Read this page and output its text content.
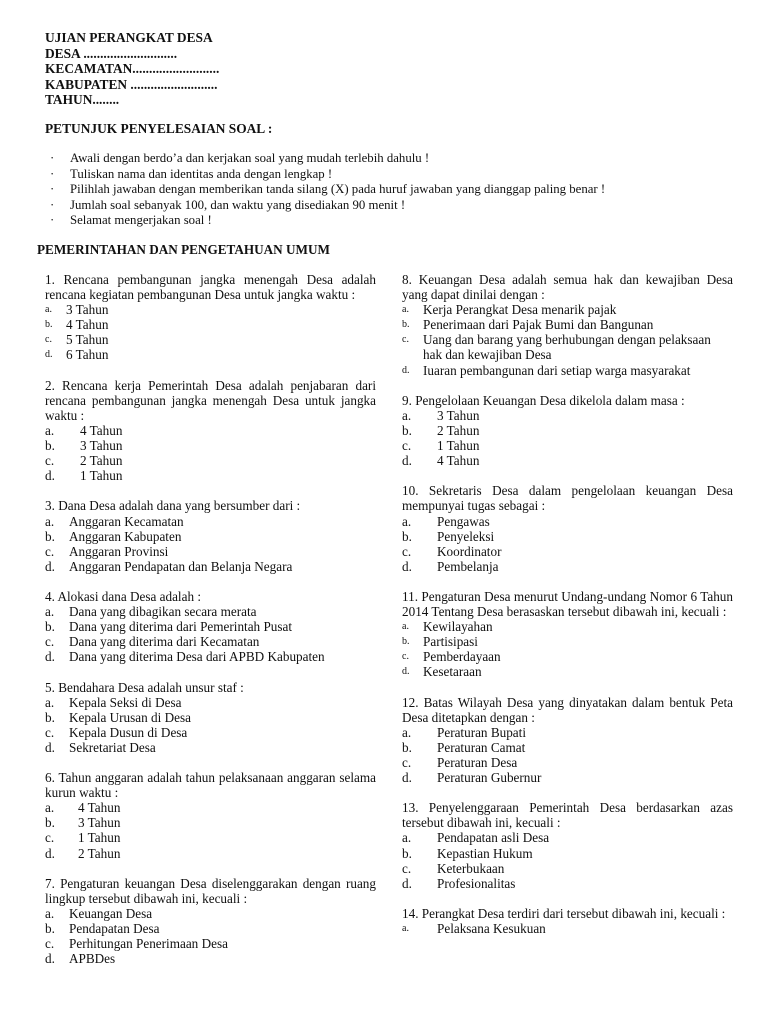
UJIAN PERANGKAT DESA
DESA ............................
KECAMATAN..........................
KABUPATEN ..........................
TAHUN........
PETUNJUK PENYELESAIAN SOAL :
·	Awali dengan berdo’a dan kerjakan soal yang mudah terlebih dahulu !
·	Tuliskan nama dan identitas anda dengan lengkap !
·	Pilihlah jawaban dengan memberikan tanda silang (X) pada huruf jawaban yang dianggap paling benar !
·	Jumlah soal sebanyak 100, dan waktu yang disediakan 90 menit !
·	Selamat mengerjakan soal !
PEMERINTAHAN DAN PENGETAHUAN UMUM
1. Rencana pembangunan jangka menengah Desa adalah rencana kegiatan pembangunan Desa untuk jangka waktu :
a.	3 Tahun
b.	4 Tahun
c.	5 Tahun
d.	6 Tahun
2. Rencana kerja Pemerintah Desa adalah penjabaran dari rencana pembangunan jangka menengah Desa untuk jangka waktu :
a.	4 Tahun
b.	3 Tahun
c.	2 Tahun
d.	1 Tahun
3. Dana Desa adalah dana yang bersumber dari :
a.	Anggaran Kecamatan
b.	Anggaran Kabupaten
c.	Anggaran Provinsi
d.	Anggaran Pendapatan dan Belanja Negara
4. Alokasi dana Desa adalah :
a.	Dana yang dibagikan secara merata
b.	Dana yang diterima dari Pemerintah Pusat
c.	Dana yang diterima dari Kecamatan
d.	Dana yang diterima Desa dari APBD Kabupaten
5. Bendahara Desa adalah unsur staf :
a.	Kepala Seksi di Desa
b.	Kepala Urusan di Desa
c.	Kepala Dusun di Desa
d.	Sekretariat Desa
6. Tahun anggaran adalah tahun pelaksanaan anggaran selama kurun waktu :
a.	4 Tahun
b.	3 Tahun
c.	1 Tahun
d.	2 Tahun
7. Pengaturan keuangan Desa diselenggarakan dengan ruang lingkup tersebut dibawah ini, kecuali :
a.	Keuangan Desa
b.	Pendapatan Desa
c.	Perhitungan Penerimaan Desa
d.	APBDes
8. Keuangan Desa adalah semua hak dan kewajiban Desa yang dapat dinilai dengan :
a.	Kerja Perangkat Desa menarik pajak
b.	Penerimaan dari Pajak Bumi dan Bangunan
c.	Uang dan barang yang berhubungan dengan pelaksaan hak dan kewajiban Desa
d.	Iuaran pembangunan dari setiap warga masyarakat
9. Pengelolaan Keuangan Desa dikelola dalam masa :
a.	3 Tahun
b.	2 Tahun
c.	1 Tahun
d.	4 Tahun
10. Sekretaris Desa dalam pengelolaan keuangan Desa mempunyai tugas sebagai :
a.	Pengawas
b.	Penyeleksi
c.	Koordinator
d.	Pembelanja
11. Pengaturan Desa menurut Undang-undang Nomor 6 Tahun 2014 Tentang Desa berasaskan tersebut dibawah ini, kecuali :
a.	Kewilayahan
b.	Partisipasi
c.	Pemberdayaan
d.	Kesetaraan
12. Batas Wilayah Desa yang dinyatakan dalam bentuk Peta Desa ditetapkan dengan :
a.	Peraturan Bupati
b.	Peraturan Camat
c.	Peraturan Desa
d.	Peraturan Gubernur
13. Penyelenggaraan Pemerintah Desa berdasarkan azas tersebut dibawah ini, kecuali :
a.	Pendapatan asli Desa
b.	Kepastian Hukum
c.	Keterbukaan
d.	Profesionalitas
14. Perangkat Desa terdiri dari tersebut dibawah ini, kecuali :
a.	Pelaksana Kesukuan
